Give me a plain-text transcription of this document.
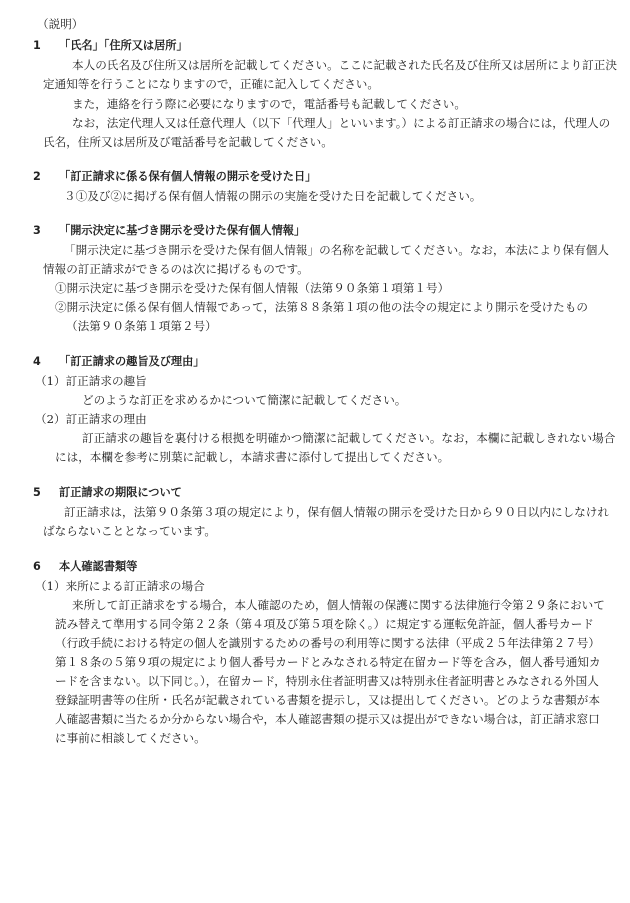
（説明）
1 「氏名」「住所又は居所」
本人の氏名及び住所又は居所を記載してください。ここに記載された氏名及び住所又は居所により訂正決
定通知等を行うことになりますので，正確に記入してください。
また，連絡を行う際に必要になりますので，電話番号も記載してください。
なお，法定代理人又は任意代理人（以下「代理人」といいます。）による訂正請求の場合には，代理人の
氏名，住所又は居所及び電話番号を記載してください。
2 「訂正請求に係る保有個人情報の開示を受けた日」
３①及び②に掲げる保有個人情報の開示の実施を受けた日を記載してください。
3 「開示決定に基づき開示を受けた保有個人情報」
「開示決定に基づき開示を受けた保有個人情報」の名称を記載してください。なお，本法により保有個人
情報の訂正請求ができるのは次に掲げるものです。
①開示決定に基づき開示を受けた保有個人情報（法第９０条第１項第１号）
②開示決定に係る保有個人情報であって，法第８８条第１項の他の法令の規定により開示を受けたもの
（法第９０条第１項第２号）
4 「訂正請求の趣旨及び理由」
（1）訂正請求の趣旨
どのような訂正を求めるかについて簡潔に記載してください。
（2）訂正請求の理由
訂正請求の趣旨を裏付ける根拠を明確かつ簡潔に記載してください。なお，本欄に記載しきれない場合
には，本欄を参考に別葉に記載し，本請求書に添付して提出してください。
5 訂正請求の期限について
訂正請求は，法第９０条第３項の規定により，保有個人情報の開示を受けた日から９０日以内にしなけれ
ばならないこととなっています。
6 本人確認書類等
（1）来所による訂正請求の場合
来所して訂正請求をする場合，本人確認のため，個人情報の保護に関する法律施行令第２９条において
読み替えて準用する同令第２２条（第４項及び第５項を除く。）に規定する運転免許証，個人番号カード
（行政手続における特定の個人を識別するための番号の利用等に関する法律（平成２５年法律第２７号）
第１８条の５第９項の規定により個人番号カードとみなされる特定在留カード等を含み，個人番号通知カ
ードを含まない。以下同じ。），在留カード，特別永住者証明書又は特別永住者証明書とみなされる外国人
登録証明書等の住所・氏名が記載されている書類を提示し，又は提出してください。どのような書類が本
人確認書類に当たるか分からない場合や，本人確認書類の提示又は提出ができない場合は，訂正請求窓口
に事前に相談してください。
